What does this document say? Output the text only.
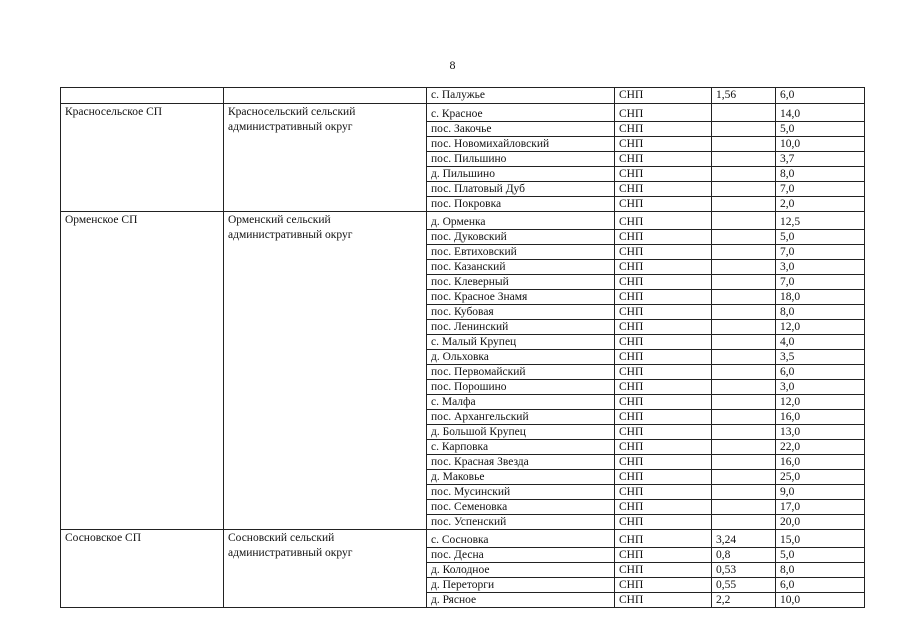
8
		с. Палужье	СНП	1,56	6,0
Красносельское СП	Красносельский сельский административный округ	с. Красное	СНП		14,0
		пос. Закочье	СНП		5,0
		пос. Новомихайловский	СНП		10,0
		пос. Пильшино	СНП		3,7
		д. Пильшино	СНП		8,0
		пос. Платовый Дуб	СНП		7,0
		пос. Покровка	СНП		2,0
Орменское СП	Орменский сельский административный округ	д. Орменка	СНП		12,5
		пос. Дуковский	СНП		5,0
		пос. Евтиховский	СНП		7,0
		пос. Казанский	СНП		3,0
		пос. Клеверный	СНП		7,0
		пос. Красное Знамя	СНП		18,0
		пос. Кубовая	СНП		8,0
		пос. Ленинский	СНП		12,0
		с. Малый Крупец	СНП		4,0
		д. Ольховка	СНП		3,5
		пос. Первомайский	СНП		6,0
		пос. Порошино	СНП		3,0
		с. Малфа	СНП		12,0
		пос. Архангельский	СНП		16,0
		д. Большой Крупец	СНП		13,0
		с. Карповка	СНП		22,0
		пос. Красная Звезда	СНП		16,0
		д. Маковье	СНП		25,0
		пос. Мусинский	СНП		9,0
		пос. Семеновка	СНП		17,0
		пос. Успенский	СНП		20,0
Сосновское СП	Сосновский сельский административный округ	с. Сосновка	СНП	3,24	15,0
		пос. Десна	СНП	0,8	5,0
		д. Колодное	СНП	0,53	8,0
		д. Переторги	СНП	0,55	6,0
		д. Рясное	СНП	2,2	10,0
